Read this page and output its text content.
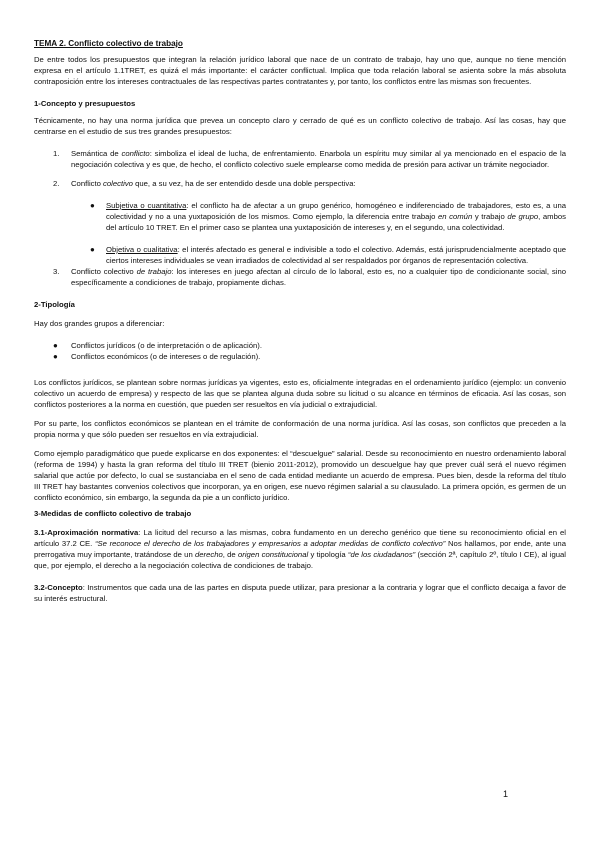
TEMA 2. Conflicto colectivo de trabajo

De entre todos los presupuestos que integran la relación jurídico laboral que nace de un contrato de trabajo, hay uno que, aunque no tiene mención expresa en el artículo 1.1TRET, es quizá el más importante: el carácter conflictual. Implica que toda relación laboral se asienta sobre la más absoluta contraposición entre los intereses contractuales de las respectivas partes contratantes y, por tanto, los conflictos entre las mismas son frecuentes.

1-Concepto y presupuestos

Técnicamente, no hay una norma jurídica que prevea un concepto claro y cerrado de qué es un conflicto colectivo de trabajo. Así las cosas, hay que centrarse en el estudio de sus tres grandes presupuestos:

1. Semántica de conflicto: simboliza el ideal de lucha, de enfrentamiento. Enarbola un espíritu muy similar al ya mencionado en el espacio de la negociación colectiva y es que, de hecho, el conflicto colectivo suele emplearse como medida de presión para activar un trámite negociador.

2. Conflicto colectivo que, a su vez, ha de ser entendido desde una doble perspectiva:

● Subjetiva o cuantitativa: el conflicto ha de afectar a un grupo genérico, homogéneo e indiferenciado de trabajadores, esto es, a una colectividad y no a una yuxtaposición de los mismos. Como ejemplo, la diferencia entre trabajo en común y trabajo de grupo, ambos del artículo 10 TRET. En el primer caso se plantea una yuxtaposición de intereses y, en el segundo, una colectividad.

● Objetiva o cualitativa: el interés afectado es general e indivisible a todo el colectivo. Además, está jurisprudencialmente aceptado que ciertos intereses individuales se vean irradiados de colectividad al ser respaldados por órganos de representación colectiva.

3. Conflicto colectivo de trabajo: los intereses en juego afectan al círculo de lo laboral, esto es, no a cualquier tipo de condicionante social, sino específicamente a condiciones de trabajo, propiamente dichas.

2-Tipología

Hay dos grandes grupos a diferenciar:

● Conflictos jurídicos (o de interpretación o de aplicación).

● Conflictos económicos (o de intereses o de regulación).

Los conflictos jurídicos, se plantean sobre normas jurídicas ya vigentes, esto es, oficialmente integradas en el ordenamiento jurídico (ejemplo: un convenio colectivo un acuerdo de empresa) y respecto de las que se plantea alguna duda sobre su licitud o su alcance en términos de eficacia. Así las cosas, son conflictos posteriores a la norma en cuestión, que pueden ser resueltos en vía judicial o extrajudicial.

Por su parte, los conflictos económicos se plantean en el trámite de conformación de una norma jurídica. Así las cosas, son conflictos que preceden a la propia norma y que sólo pueden ser resueltos en vía extrajudicial.

Como ejemplo paradigmático que puede explicarse en dos exponentes: el “descuelgue” salarial. Desde su reconocimiento en nuestro ordenamiento laboral (reforma de 1994) y hasta la gran reforma del título III TRET (bienio 2011-2012), promovido un descuelgue hay que prever cuál será el nuevo régimen salarial que actúe por defecto, lo cual se sustanciaba en el seno de cada entidad mediante un acuerdo de empresa. Pues bien, desde la reforma del título III TRET hay bastantes convenios colectivos que incorporan, ya en origen, ese nuevo régimen salarial a su clausulado. La primera opción, es germen de un conflicto económico, sin embargo, la segunda da pie a un conflicto jurídico.

3-Medidas de conflicto colectivo de trabajo

3.1-Aproximación normativa: La licitud del recurso a las mismas, cobra fundamento en un derecho genérico que tiene su reconocimiento oficial en el artículo 37.2 CE. “Se reconoce el derecho de los trabajadores y empresarios a adoptar medidas de conflicto colectivo” Nos hallamos, por ende, ante una prerrogativa muy importante, tratándose de un derecho, de origen constitucional y tipología “de los ciudadanos” (sección 2ª, capítulo 2º, título I CE), al igual que, por ejemplo, el derecho a la negociación colectiva de condiciones de trabajo.

3.2-Concepto: Instrumentos que cada una de las partes en disputa puede utilizar, para presionar a la contraria y lograr que el conflicto decaiga a favor de su interés estructural.

1
